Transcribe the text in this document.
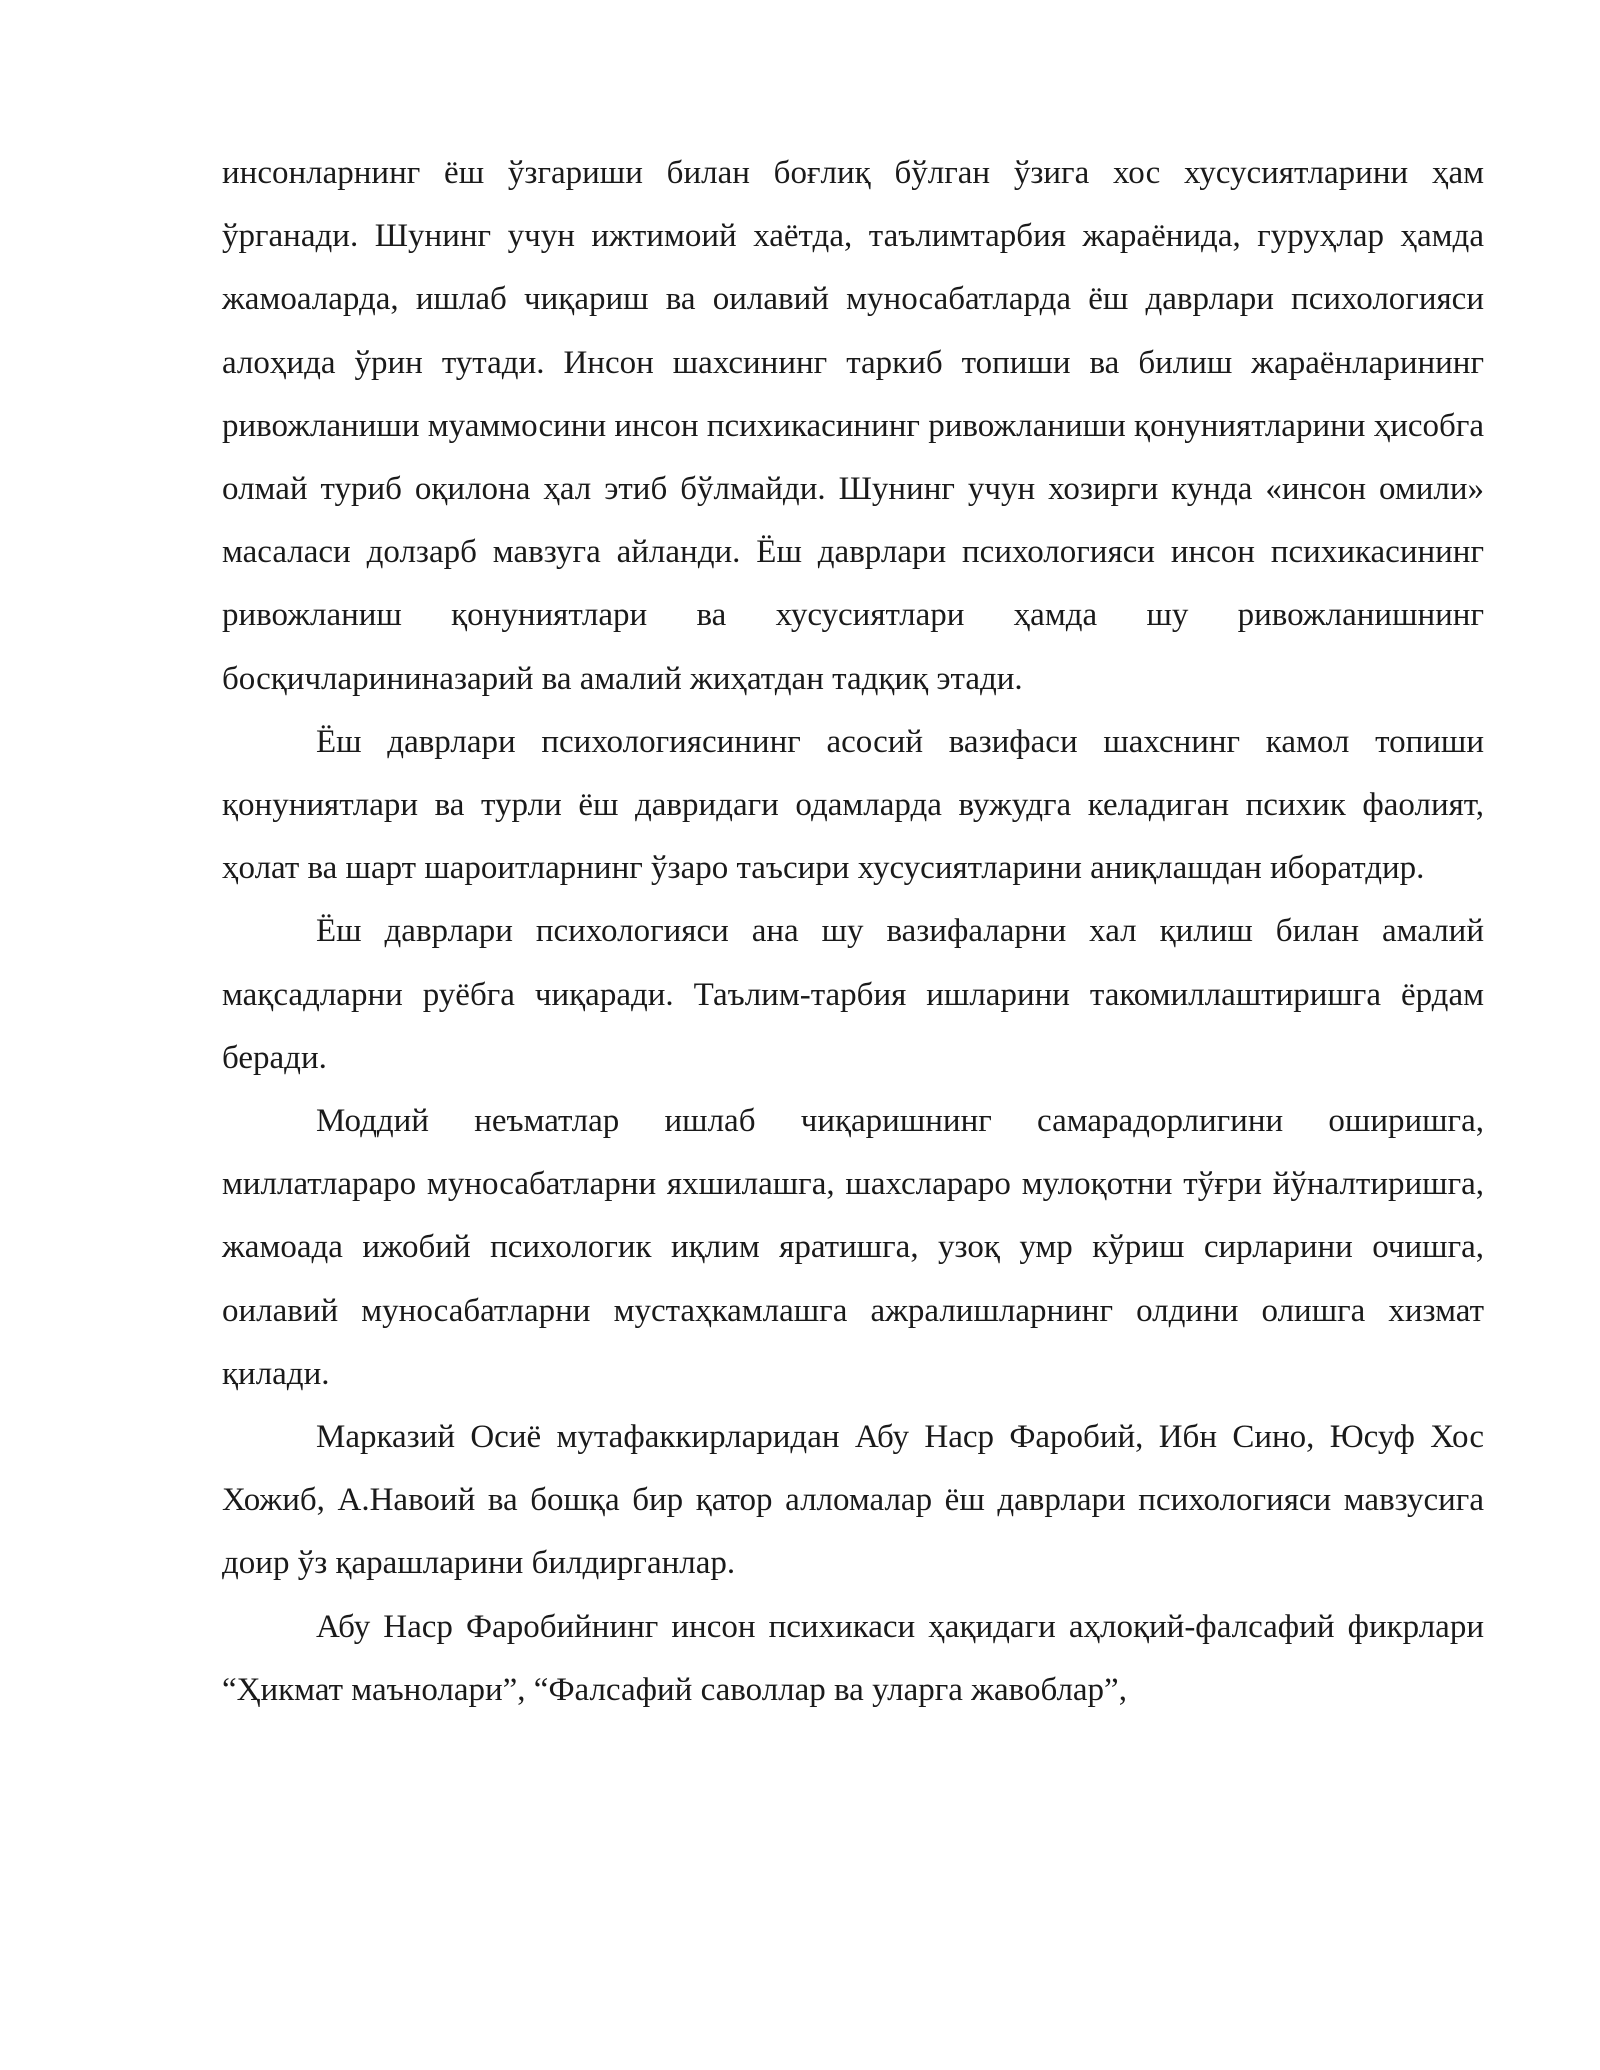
инсонларнинг ёш ўзгариши билан боғлиқ бўлган ўзига хос хусусиятларини ҳам ўрганади. Шунинг учун ижтимоий хаётда, таълимтарбия жараёнида, гуруҳлар ҳамда жамоаларда, ишлаб чиқариш ва оилавий муносабатларда ёш даврлари психологияси алоҳида ўрин тутади. Инсон шахсининг таркиб топиши ва билиш жараёнларининг ривожланиши муаммосини инсон психикасининг ривожланиши қонуниятларини ҳисобга олмай туриб оқилона ҳал этиб бўлмайди. Шунинг учун хозирги кунда «инсон омили» масаласи долзарб мавзуга айланди. Ёш даврлари психологияси инсон психикасининг ривожланиш қонуниятлари ва хусусиятлари ҳамда шу ривожланишнинг босқичларининазарий ва амалий жиҳатдан тадқиқ этади.

Ёш даврлари психологиясининг асосий вазифаси шахснинг камол топиши қонуниятлари ва турли ёш давридаги одамларда вужудга келадиган психик фаолият, ҳолат ва шарт шароитларнинг ўзаро таъсири хусусиятларини аниқлашдан иборатдир.

Ёш даврлари психологияси ана шу вазифаларни хал қилиш билан амалий мақсадларни руёбга чиқаради. Таълим-тарбия ишларини такомиллаштиришга ёрдам беради.

Моддий неъматлар ишлаб чиқаришнинг самарадорлигини оширишга, миллатлараро муносабатларни яхшилашга, шахслараро мулоқотни тўғри йўналтиришга, жамоада ижобий психологик иқлим яратишга, узоқ умр кўриш сирларини очишга, оилавий муносабатларни мустаҳкамлашга ажралишларнинг олдини олишга хизмат қилади.

Марказий Осиё мутафаккирларидан Абу Наср Фаробий, Ибн Сино, Юсуф Хос Хожиб, А.Навоий ва бошқа бир қатор алломалар ёш даврлари психологияси мавзусига доир ўз қарашларини билдирганлар.

Абу Наср Фаробийнинг инсон психикаси ҳақидаги аҳлоқий-фалсафий фикрлари “Ҳикмат маънолари”, “Фалсафий саволлар ва уларга жавоблар”,
